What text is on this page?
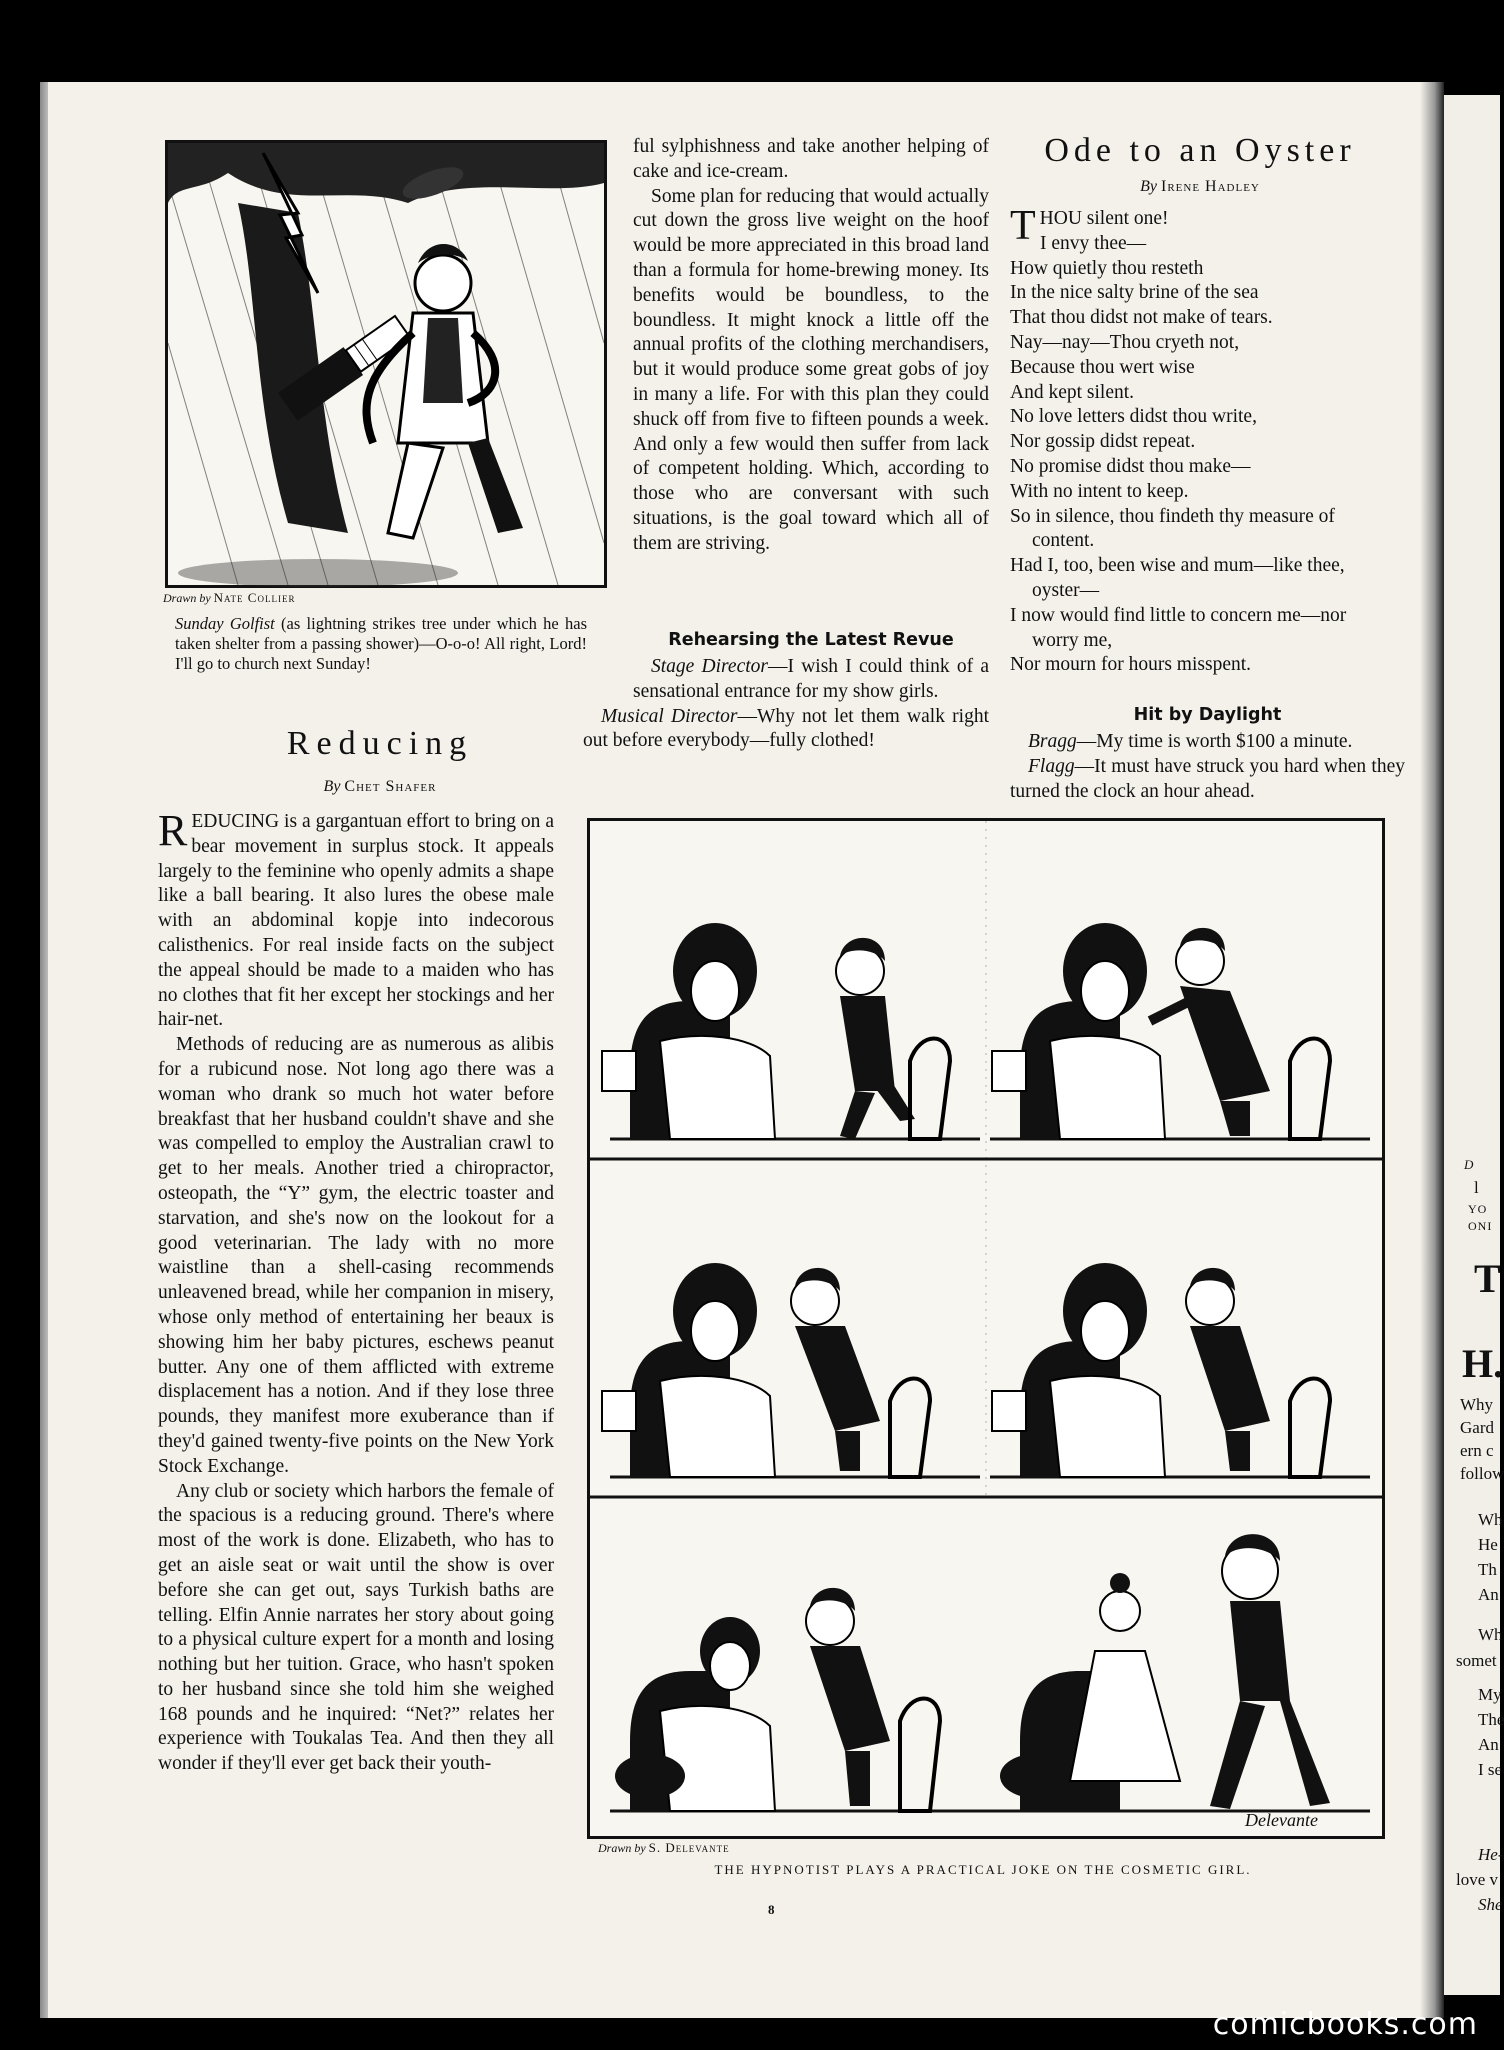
D
l
YO
ONI
T
H.
Why
Gard
ern c
follow
Wh
He
Th
An
Wh
somet
My
The
An
I se
He-
love v
She
Drawn by Nate Collier
Sunday Golfist (as lightning strikes tree under which he has taken shelter from a passing shower)—O-o-o! All right, Lord! I'll go to church next Sunday!
Reducing
By Chet Shafer

REDUCING is a gargantuan effort to bring on a bear movement in surplus stock. It appeals largely to the feminine who openly admits a shape like a ball bearing. It also lures the obese male with an abdominal kopje into indecorous calisthenics. For real inside facts on the subject the appeal should be made to a maiden who has no clothes that fit her except her stockings and her hair-net.

Methods of reducing are as numerous as alibis for a rubicund nose. Not long ago there was a woman who drank so much hot water before breakfast that her husband couldn't shave and she was compelled to employ the Australian crawl to get to her meals. Another tried a chiropractor, osteopath, the “Y” gym, the electric toaster and starvation, and she's now on the lookout for a good veterinarian. The lady with no more waistline than a shell-casing recommends unleavened bread, while her companion in misery, whose only method of entertaining her beaux is showing him her baby pictures, eschews peanut butter. Any one of them afflicted with extreme displacement has a notion. And if they lose three pounds, they manifest more exuberance than if they'd gained twenty-five points on the New York Stock Exchange.

Any club or society which harbors the female of the spacious is a reducing ground. There's where most of the work is done. Elizabeth, who has to get an aisle seat or wait until the show is over before she can get out, says Turkish baths are telling. Elfin Annie narrates her story about going to a physical culture expert for a month and losing nothing but her tuition. Grace, who hasn't spoken to her husband since she told him she weighed 168 pounds and he inquired: “Net?” relates her experience with Toukalas Tea. And then they all wonder if they'll ever get back their youth-

ful sylphishness and take another helping of cake and ice-cream.

Some plan for reducing that would actually cut down the gross live weight on the hoof would be more appreciated in this broad land than a formula for home-brewing money. Its benefits would be boundless, to the boundless. It might knock a little off the annual profits of the clothing merchandisers, but it would produce some great gobs of joy in many a life. For with this plan they could shuck off from five to fifteen pounds a week. And only a few would then suffer from lack of competent holding. Which, according to those who are conversant with such situations, is the goal toward which all of them are striving.

Rehearsing the Latest Revue

Stage Director—I wish I could think of a sensational entrance for my show girls.

Musical Director—Why not let them walk right out before everybody—fully clothed!

Ode to an Oyster
By Irene Hadley
THOU silent one!
I envy thee—
How quietly thou resteth
In the nice salty brine of the sea
That thou didst not make of tears.
Nay—nay—Thou cryeth not,
Because thou wert wise
And kept silent.
No love letters didst thou write,
Nor gossip didst repeat.
No promise didst thou make—
With no intent to keep.
So in silence, thou findeth thy measure of
content.
Had I, too, been wise and mum—like thee,
oyster—
I now would find little to concern me—nor
worry me,
Nor mourn for hours misspent.
Hit by Daylight

Bragg—My time is worth $100 a minute.

Flagg—It must have struck you hard when they turned the clock an hour ahead.

Delevante
Drawn by S. Delevante
THE HYPNOTIST PLAYS A PRACTICAL JOKE ON THE COSMETIC GIRL.
8
comicbooks.com
